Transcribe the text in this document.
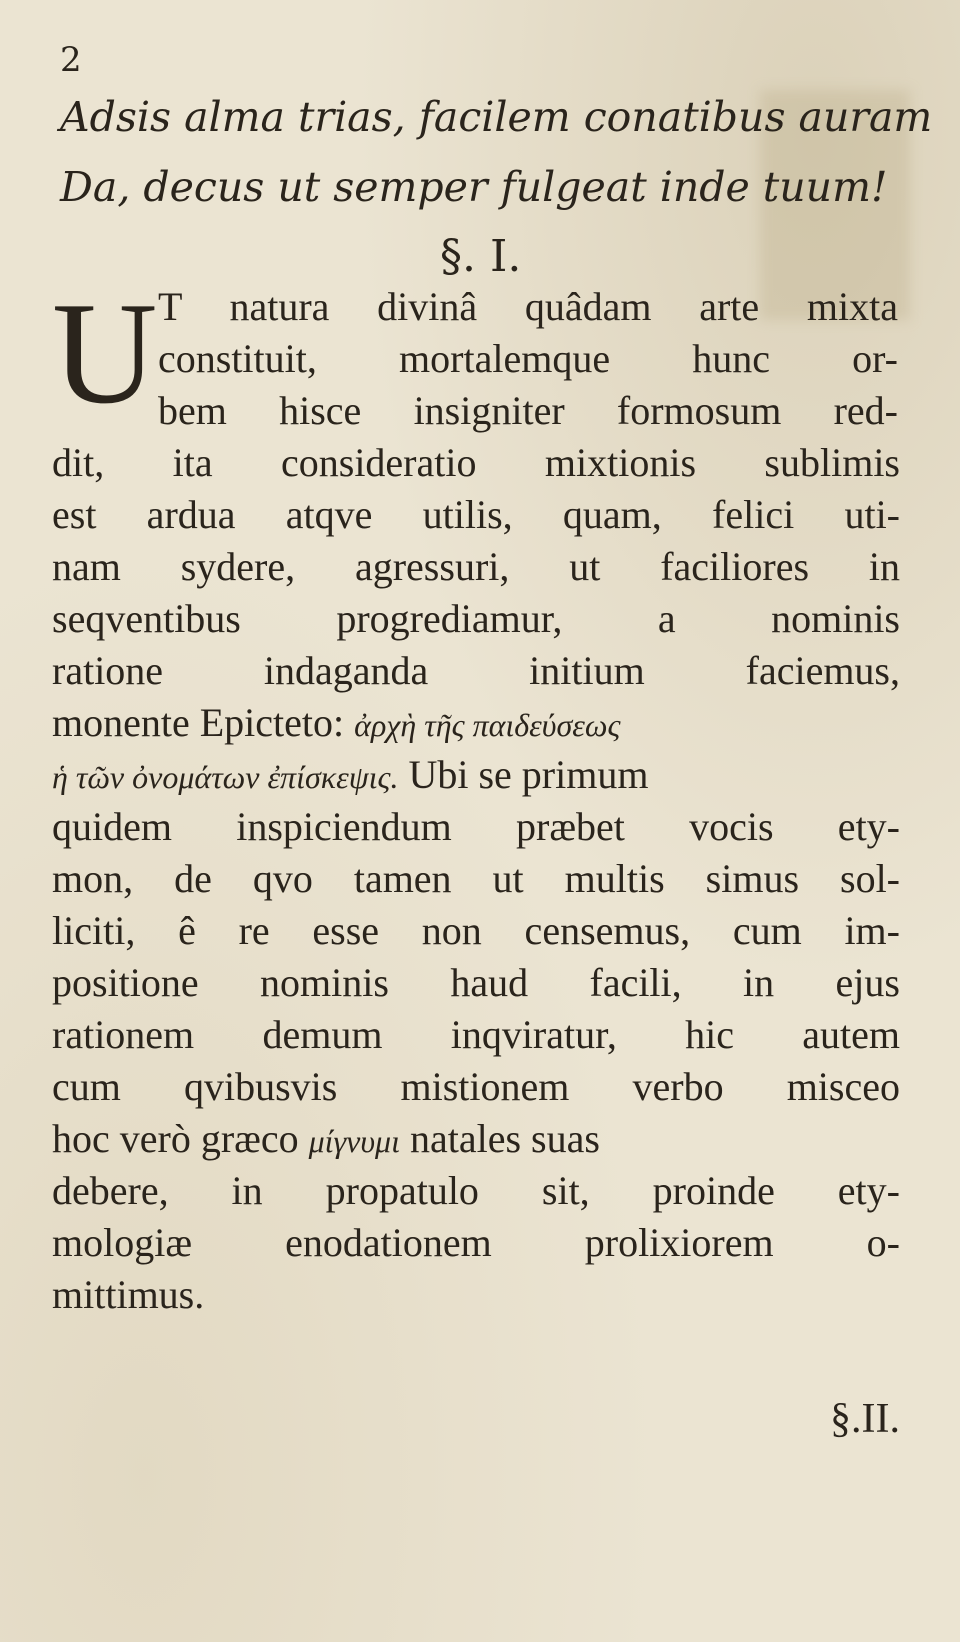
2
Adsis alma trias, facilem conatibus auram
Da, decus ut semper fulgeat inde tuum!
§. I.
U T natura divinâ quâdam arte mixta
constituit, mortalemque hunc or-
bem hisce insigniter formosum red-
dit, ita consideratio mixtionis sublimis
est ardua atqve utilis, quam, felici uti-
nam sydere, agressuri, ut faciliores in
seqventibus progrediamur, a nominis
ratione indaganda initium faciemus,
monente Epicteto: ἀρχὴ τῆς παιδεύσεως
ἡ τῶν ὀνομάτων ἐπίσκεψις. Ubi se primum
quidem inspiciendum præbet vocis ety-
mon, de qvo tamen ut multis simus sol-
liciti, ê re esse non censemus, cum im-
positione nominis haud facili, in ejus
rationem demum inqviratur, hic autem
cum qvibusvis mistionem verbo misceo
hoc verò græco μίγνυμι natales suas
debere, in propatulo sit, proinde ety-
mologiæ enodationem prolixiorem o-
mittimus.
§.II.
